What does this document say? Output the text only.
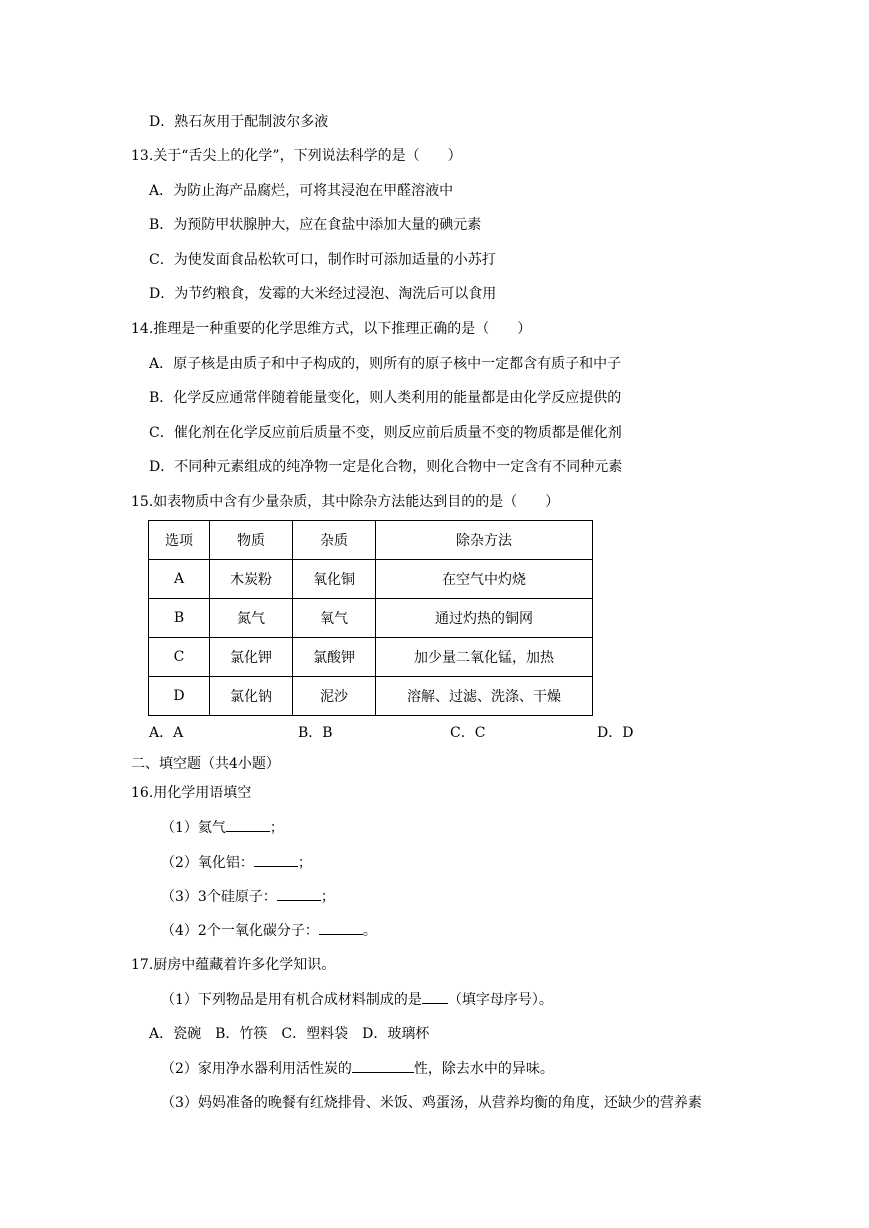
D．熟石灰用于配制波尔多液
13.关于“舌尖上的化学”，下列说法科学的是（　　）
A．为防止海产品腐烂，可将其浸泡在甲醛溶液中
B．为预防甲状腺肿大，应在食盐中添加大量的碘元素
C．为使发面食品松软可口，制作时可添加适量的小苏打
D．为节约粮食，发霉的大米经过浸泡、淘洗后可以食用
14.推理是一种重要的化学思维方式，以下推理正确的是（　　）
A．原子核是由质子和中子构成的，则所有的原子核中一定都含有质子和中子
B．化学反应通常伴随着能量变化，则人类利用的能量都是由化学反应提供的
C．催化剂在化学反应前后质量不变，则反应前后质量不变的物质都是催化剂
D．不同种元素组成的纯净物一定是化合物，则化合物中一定含有不同种元素
15.如表物质中含有少量杂质，其中除杂方法能达到目的的是（　　）
选项	物质	杂质	除杂方法
A	木炭粉	氧化铜	在空气中灼烧
B	氮气	氧气	通过灼热的铜网
C	氯化钾	氯酸钾	加少量二氧化锰，加热
D	氯化钠	泥沙	溶解、过滤、洗涤、干燥
A．A	B．B	C．C	D．D
二、填空题（共4小题）
16.用化学用语填空
（1）氦气	；
（2）氧化铝：	；
（3）3个硅原子：	；
（4）2个一氧化碳分子：	。
17.厨房中蕴藏着许多化学知识。
（1）下列物品是用有机合成材料制成的是 （填字母序号）。
A．瓷碗　B．竹筷　C．塑料袋　D．玻璃杯
（2）家用净水器利用活性炭的	性，除去水中的异味。
（3）妈妈准备的晚餐有红烧排骨、米饭、鸡蛋汤，从营养均衡的角度，还缺少的营养素
